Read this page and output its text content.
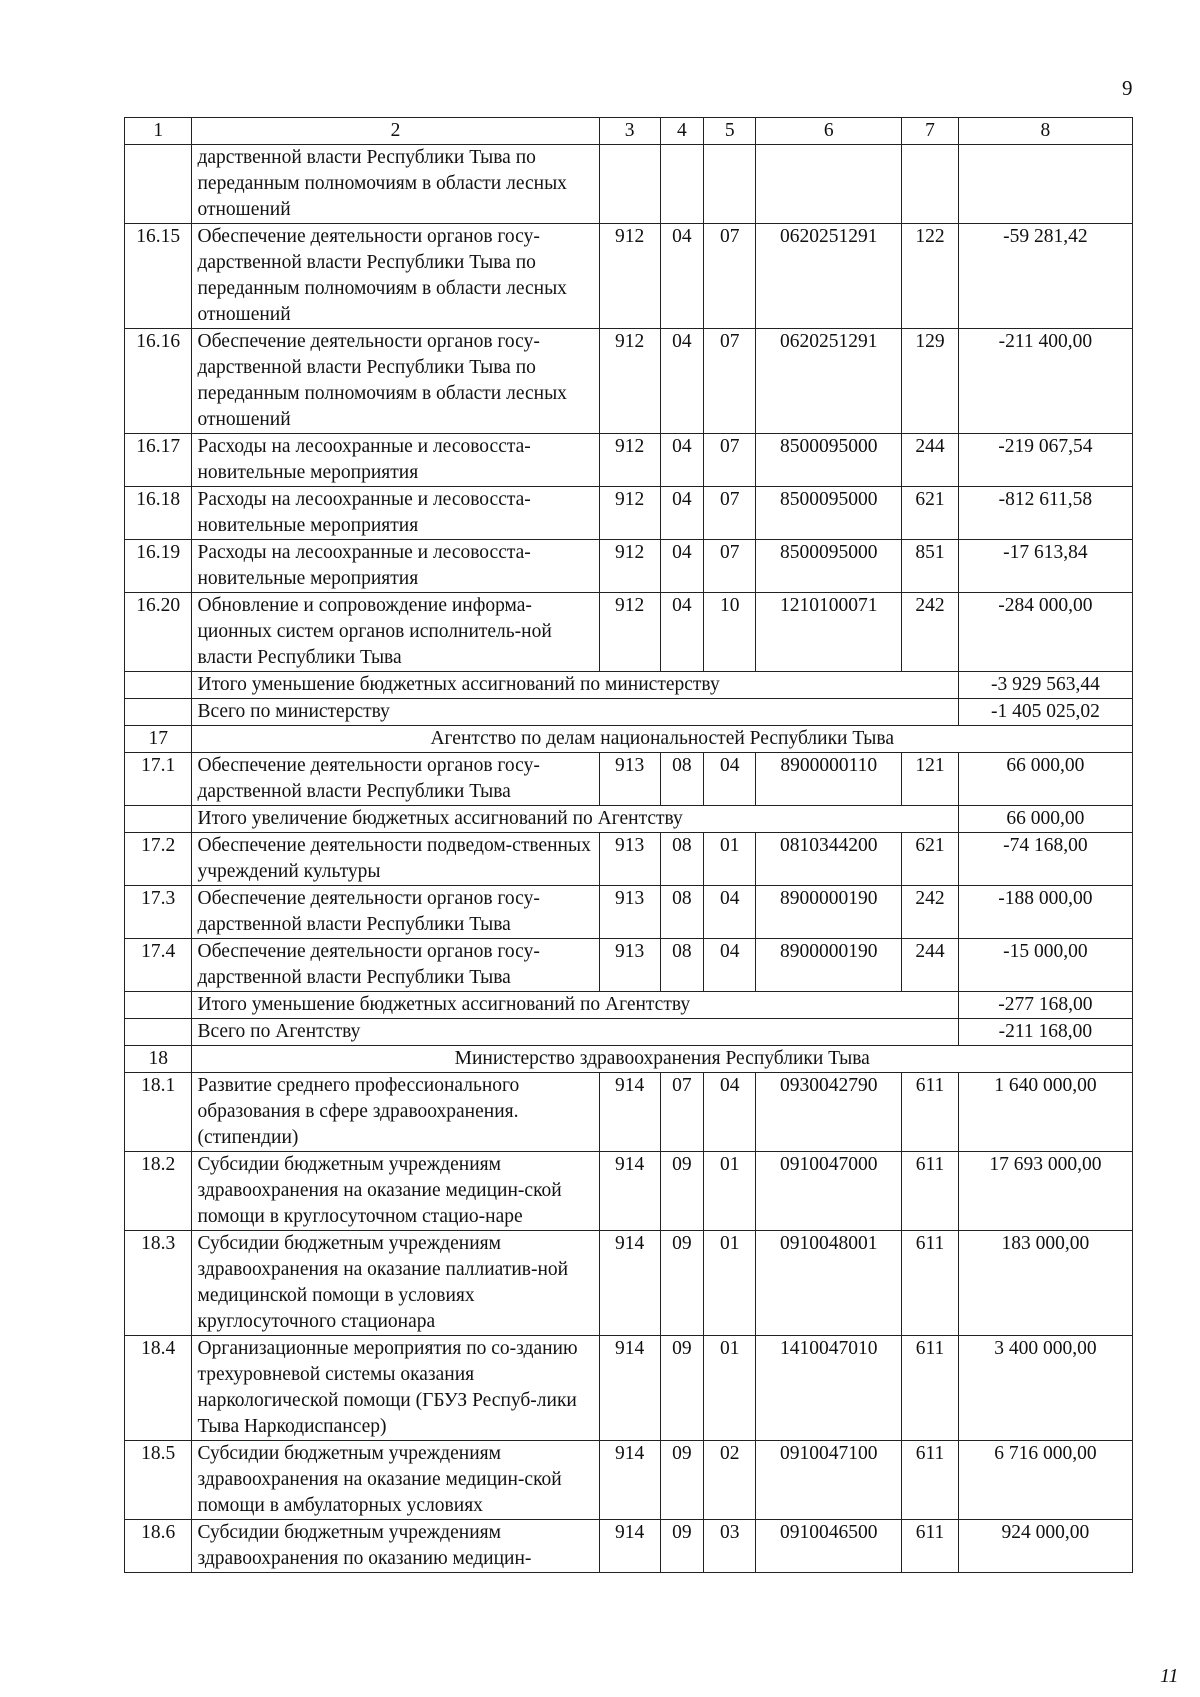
9
1	2	3	4	5	6	7	8
	дарственной власти Республики Тыва по переданным полномочиям в области лесных отношений						
16.15	Обеспечение деятельности органов госу-дарственной власти Республики Тыва по переданным полномочиям в области лесных отношений	912	04	07	0620251291	122	-59 281,42
16.16	Обеспечение деятельности органов госу-дарственной власти Республики Тыва по переданным полномочиям в области лесных отношений	912	04	07	0620251291	129	-211 400,00
16.17	Расходы на лесоохранные и лесовосста-новительные мероприятия	912	04	07	8500095000	244	-219 067,54
16.18	Расходы на лесоохранные и лесовосста-новительные мероприятия	912	04	07	8500095000	621	-812 611,58
16.19	Расходы на лесоохранные и лесовосста-новительные мероприятия	912	04	07	8500095000	851	-17 613,84
16.20	Обновление и сопровождение информа-ционных систем органов исполнитель-ной власти Республики Тыва	912	04	10	1210100071	242	-284 000,00
	Итого уменьшение бюджетных ассигнований по министерству						-3 929 563,44
	Всего по министерству						-1 405 025,02
17	Агентство по делам национальностей Республики Тыва						
17.1	Обеспечение деятельности органов госу-дарственной власти Республики Тыва	913	08	04	8900000110	121	66 000,00
	Итого увеличение бюджетных ассигнований по Агентству						66 000,00
17.2	Обеспечение деятельности подведом-ственных учреждений культуры	913	08	01	0810344200	621	-74 168,00
17.3	Обеспечение деятельности органов госу-дарственной власти Республики Тыва	913	08	04	8900000190	242	-188 000,00
17.4	Обеспечение деятельности органов госу-дарственной власти Республики Тыва	913	08	04	8900000190	244	-15 000,00
	Итого уменьшение бюджетных ассигнований по Агентству						-277 168,00
	Всего по Агентству						-211 168,00
18	Министерство здравоохранения Республики Тыва						
18.1	Развитие среднего профессионального образования в сфере здравоохранения. (стипендии)	914	07	04	0930042790	611	1 640 000,00
18.2	Субсидии бюджетным учреждениям здравоохранения на оказание медицин-ской помощи в круглосуточном стацио-наре	914	09	01	0910047000	611	17 693 000,00
18.3	Субсидии бюджетным учреждениям здравоохранения на оказание паллиатив-ной медицинской помощи в условиях круглосуточного стационара	914	09	01	0910048001	611	183 000,00
18.4	Организационные мероприятия по со-зданию трехуровневой системы оказания наркологической помощи (ГБУЗ Респуб-лики Тыва Наркодиспансер)	914	09	01	1410047010	611	3 400 000,00
18.5	Субсидии бюджетным учреждениям здравоохранения на оказание медицин-ской помощи в амбулаторных условиях	914	09	02	0910047100	611	6 716 000,00
18.6	Субсидии бюджетным учреждениям здравоохранения по оказанию медицин-	914	09	03	0910046500	611	924 000,00
11
